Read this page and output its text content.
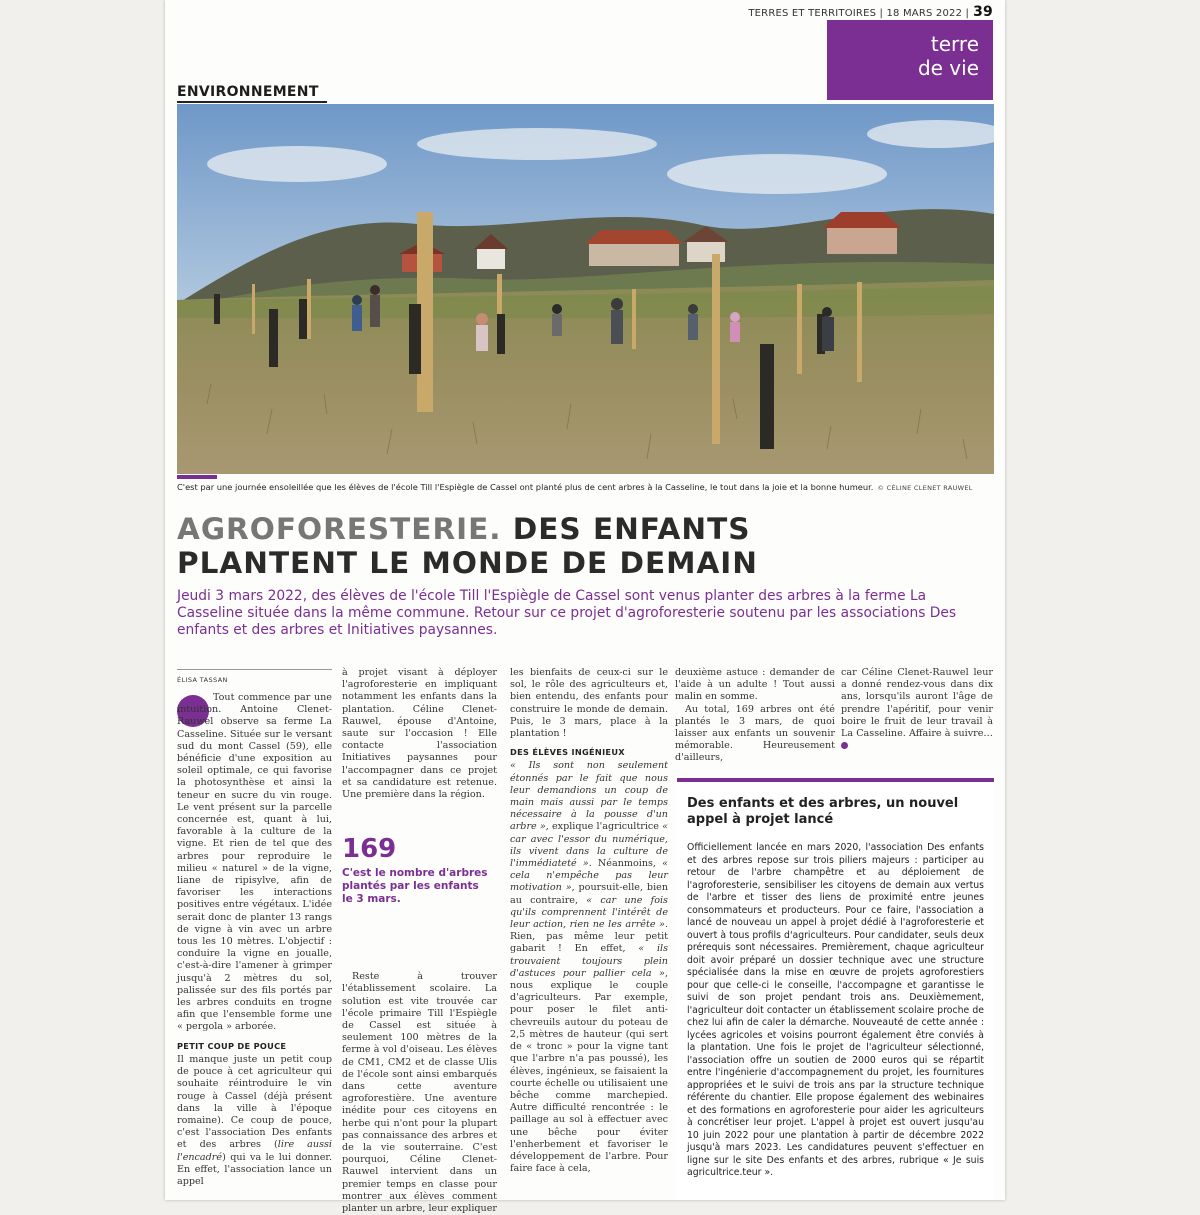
TERRES ET TERRITOIRES | 18 MARS 2022 | 39
terre
de vie
ENVIRONNEMENT
C'est par une journée ensoleillée que les élèves de l'école Till l'Espiègle de Cassel ont planté plus de cent arbres à la Casseline, le tout dans la joie et la bonne humeur. © CÉLINE CLENET RAUWEL
AGROFORESTERIE. DES ENFANTS
PLANTENT LE MONDE DE DEMAIN
Jeudi 3 mars 2022, des élèves de l'école Till l'Espiègle de Cassel sont venus planter des arbres à la ferme La Casseline située dans la même commune. Retour sur ce projet d'agroforesterie soutenu par les associations Des enfants et des arbres et Initiatives paysannes.
ÉLISA TASSAN

Tout commence par une intuition. Antoine Clenet-Rauwel observe sa ferme La Casseline. Située sur le versant sud du mont Cassel (59), elle bénéficie d'une exposition au soleil optimale, ce qui favorise la photosynthèse et ainsi la teneur en sucre du vin rouge. Le vent présent sur la parcelle concernée est, quant à lui, favorable à la culture de la vigne. Et rien de tel que des arbres pour reproduire le milieu « naturel » de la vigne, liane de ripisylve, afin de favoriser les interactions positives entre végétaux. L'idée serait donc de planter 13 rangs de vigne à vin avec un arbre tous les 10 mètres. L'objectif : conduire la vigne en joualle, c'est-à-dire l'amener à grimper jusqu'à 2 mètres du sol, palissée sur des fils portés par les arbres conduits en trogne afin que l'ensemble forme une « pergola » arborée.

PETIT COUP DE POUCE

Il manque juste un petit coup de pouce à cet agriculteur qui souhaite réintroduire le vin rouge à Cassel (déjà présent dans la ville à l'époque romaine). Ce coup de pouce, c'est l'association Des enfants et des arbres (lire aussi l'encadré) qui va le lui donner. En effet, l'association lance un appel

à projet visant à déployer l'agroforesterie en impliquant notamment les enfants dans la plantation. Céline Clenet-Rauwel, épouse d'Antoine, saute sur l'occasion ! Elle contacte l'association Initiatives paysannes pour l'accompagner dans ce projet et sa candidature est retenue. Une première dans la région.

Reste à trouver l'établissement scolaire. La solution est vite trouvée car l'école primaire Till l'Espiègle de Cassel est située à seulement 100 mètres de la ferme à vol d'oiseau. Les élèves de CM1, CM2 et de classe Ulis de l'école sont ainsi embarqués dans cette aventure agroforestière. Une aventure inédite pour ces citoyens en herbe qui n'ont pour la plupart pas connaissance des arbres et de la vie souterraine. C'est pourquoi, Céline Clenet-Rauwel intervient dans un premier temps en classe pour montrer aux élèves comment planter un arbre, leur expliquer

169
C'est le nombre d'arbres plantés par les enfants le 3 mars.

les bienfaits de ceux-ci sur le sol, le rôle des agriculteurs et, bien entendu, des enfants pour construire le monde de demain. Puis, le 3 mars, place à la plantation !

DES ÉLÈVES INGÉNIEUX

« Ils sont non seulement étonnés par le fait que nous leur demandions un coup de main mais aussi par le temps nécessaire à la pousse d'un arbre », explique l'agricultrice « car avec l'essor du numérique, ils vivent dans la culture de l'immédiateté ». Néanmoins, « cela n'empêche pas leur motivation », poursuit-elle, bien au contraire, « car une fois qu'ils comprennent l'intérêt de leur action, rien ne les arrête ». Rien, pas même leur petit gabarit ! En effet, « ils trouvaient toujours plein d'astuces pour pallier cela », nous explique le couple d'agriculteurs. Par exemple, pour poser le filet anti-chevreuils autour du poteau de 2,5 mètres de hauteur (qui sert de « tronc » pour la vigne tant que l'arbre n'a pas poussé), les élèves, ingénieux, se faisaient la courte échelle ou utilisaient une bêche comme marchepied. Autre difficulté rencontrée : le paillage au sol à effectuer avec une bêche pour éviter l'enherbement et favoriser le développement de l'arbre. Pour faire face à cela,

deuxième astuce : demander de l'aide à un adulte ! Tout aussi malin en somme.

Au total, 169 arbres ont été plantés le 3 mars, de quoi laisser aux enfants un souvenir mémorable. Heureusement d'ailleurs,

car Céline Clenet-Rauwel leur a donné rendez-vous dans dix ans, lorsqu'ils auront l'âge de prendre l'apéritif, pour venir boire le fruit de leur travail à La Casseline. Affaire à suivre…

Des enfants et des arbres, un nouvel appel à projet lancé
Officiellement lancée en mars 2020, l'association Des enfants et des arbres repose sur trois piliers majeurs : participer au retour de l'arbre champêtre et au déploiement de l'agroforesterie, sensibiliser les citoyens de demain aux vertus de l'arbre et tisser des liens de proximité entre jeunes consommateurs et producteurs. Pour ce faire, l'association a lancé de nouveau un appel à projet dédié à l'agroforesterie et ouvert à tous profils d'agriculteurs. Pour candidater, seuls deux prérequis sont nécessaires. Premièrement, chaque agriculteur doit avoir préparé un dossier technique avec une structure spécialisée dans la mise en œuvre de projets agroforestiers pour que celle-ci le conseille, l'accompagne et garantisse le suivi de son projet pendant trois ans. Deuxièmement, l'agriculteur doit contacter un établissement scolaire proche de chez lui afin de caler la démarche. Nouveauté de cette année : lycées agricoles et voisins pourront également être conviés à la plantation. Une fois le projet de l'agriculteur sélectionné, l'association offre un soutien de 2000 euros qui se répartit entre l'ingénierie d'accompagnement du projet, les fournitures appropriées et le suivi de trois ans par la structure technique référente du chantier. Elle propose également des webinaires et des formations en agroforesterie pour aider les agriculteurs à concrétiser leur projet. L'appel à projet est ouvert jusqu'au 10 juin 2022 pour une plantation à partir de décembre 2022 jusqu'à mars 2023. Les candidatures peuvent s'effectuer en ligne sur le site Des enfants et des arbres, rubrique « Je suis agricultrice.teur ».
